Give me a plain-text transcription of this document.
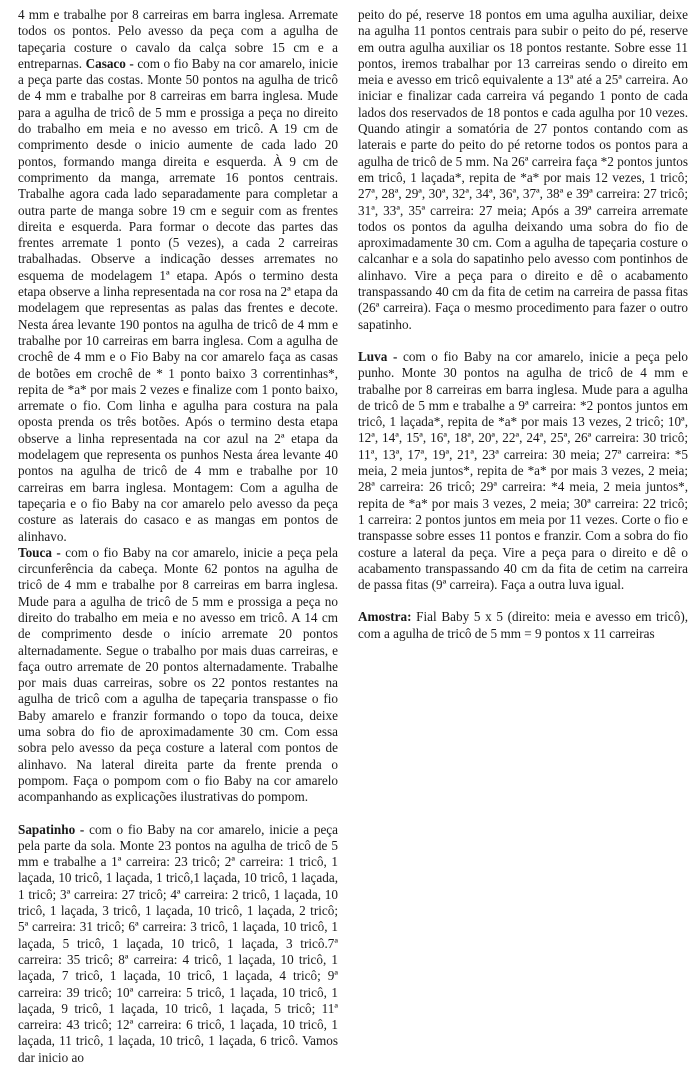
4 mm e trabalhe por 8 carreiras em barra inglesa. Arremate todos os pontos. Pelo avesso da peça com a agulha de tapeçaria costure o cavalo da calça sobre 15 cm e a entreparnas. Casaco - com o fio Baby na cor amarelo, inicie a peça parte das costas. Monte 50 pontos na agulha de tricô de 4 mm e trabalhe por 8 carreiras em barra inglesa. Mude para a agulha de tricô de 5 mm e prossiga a peça no direito do trabalho em meia e no avesso em tricô. A 19 cm de comprimento desde o inicio aumente de cada lado 20 pontos, formando manga direita e esquerda. À 9 cm de comprimento da manga, arremate 16 pontos centrais. Trabalhe agora cada lado separadamente para completar a outra parte de manga sobre 19 cm e seguir com as frentes direita e esquerda. Para formar o decote das partes das frentes arremate 1 ponto (5 vezes), a cada 2 carreiras trabalhadas. Observe a indicação desses arremates no esquema de modelagem 1ª etapa. Após o termino desta etapa observe a linha representada na cor rosa na 2ª etapa da modelagem que representas as palas das frentes e decote. Nesta área levante 190 pontos na agulha de tricô de 4 mm e trabalhe por 10 carreiras em barra inglesa. Com a agulha de crochê de 4 mm e o Fio Baby na cor amarelo faça as casas de botões em crochê de * 1 ponto baixo 3 correntinhas*, repita de *a* por mais 2 vezes e finalize com 1 ponto baixo, arremate o fio. Com linha e agulha para costura na pala oposta prenda os três botões. Após o termino desta etapa observe a linha representada na cor azul na 2ª etapa da modelagem que representa os punhos Nesta área levante 40 pontos na agulha de tricô de 4 mm e trabalhe por 10 carreiras em barra inglesa. Montagem: Com a agulha de tapeçaria e o fio Baby na cor amarelo pelo avesso da peça costure as laterais do casaco e as mangas em pontos de alinhavo.

Touca - com o fio Baby na cor amarelo, inicie a peça pela circunferência da cabeça. Monte 62 pontos na agulha de tricô de 4 mm e trabalhe por 8 carreiras em barra inglesa. Mude para a agulha de tricô de 5 mm e prossiga a peça no direito do trabalho em meia e no avesso em tricô. A 14 cm de comprimento desde o início arremate 20 pontos alternadamente. Segue o trabalho por mais duas carreiras, e faça outro arremate de 20 pontos alternadamente. Trabalhe por mais duas carreiras, sobre os 22 pontos restantes na agulha de tricô com a agulha de tapeçaria transpasse o fio Baby amarelo e franzir formando o topo da touca, deixe uma sobra do fio de aproximadamente 30 cm. Com essa sobra pelo avesso da peça costure a lateral com pontos de alinhavo. Na lateral direita parte da frente prenda o pompom. Faça o pompom com o fio Baby na cor amarelo acompanhando as explicações ilustrativas do pompom.

Sapatinho - com o fio Baby na cor amarelo, inicie a peça pela parte da sola. Monte 23 pontos na agulha de tricô de 5 mm e trabalhe a 1ª carreira: 23 tricô; 2ª carreira: 1 tricô, 1 laçada, 10 tricô, 1 laçada, 1 tricô,1 laçada, 10 tricô, 1 laçada, 1 tricô; 3ª carreira: 27 tricô; 4ª carreira: 2 tricô, 1 laçada, 10 tricô, 1 laçada, 3 tricô, 1 laçada, 10 tricô, 1 laçada, 2 tricô; 5ª carreira: 31 tricô; 6ª carreira: 3 tricô, 1 laçada, 10 tricô, 1 laçada, 5 tricô, 1 laçada, 10 tricô, 1 laçada, 3 tricô.7ª carreira: 35 tricô; 8ª carreira: 4 tricô, 1 laçada, 10 tricô, 1 laçada, 7 tricô, 1 laçada, 10 tricô, 1 laçada, 4 tricô; 9ª carreira: 39 tricô; 10ª carreira: 5 tricô, 1 laçada, 10 tricô, 1 laçada, 9 tricô, 1 laçada, 10 tricô, 1 laçada, 5 tricô; 11ª carreira: 43 tricô; 12ª carreira: 6 tricô, 1 laçada, 10 tricô, 1 laçada, 11 tricô, 1 laçada, 10 tricô, 1 laçada, 6 tricô. Vamos dar inicio ao

peito do pé, reserve 18 pontos em uma agulha auxiliar, deixe na agulha 11 pontos centrais para subir o peito do pé, reserve em outra agulha auxiliar os 18 pontos restante. Sobre esse 11 pontos, iremos trabalhar por 13 carreiras sendo o direito em meia e avesso em tricô equivalente a 13ª até a 25ª carreira. Ao iniciar e finalizar cada carreira vá pegando 1 ponto de cada lados dos reservados de 18 pontos e cada agulha por 10 vezes. Quando atingir a somatória de 27 pontos contando com as laterais e parte do peito do pé retorne todos os pontos para a agulha de tricô de 5 mm. Na 26ª carreira faça *2 pontos juntos em tricô, 1 laçada*, repita de *a* por mais 12 vezes, 1 tricô; 27ª, 28ª, 29ª, 30ª, 32ª, 34ª, 36ª, 37ª, 38ª e 39ª carreira: 27 tricô; 31ª, 33ª, 35ª carreira: 27 meia; Após a 39ª carreira arremate todos os pontos da agulha deixando uma sobra do fio de aproximadamente 30 cm. Com a agulha de tapeçaria costure o calcanhar e a sola do sapatinho pelo avesso com pontinhos de alinhavo. Vire a peça para o direito e dê o acabamento transpassando 40 cm da fita de cetim na carreira de passa fitas (26ª carreira). Faça o mesmo procedimento para fazer o outro sapatinho.

Luva - com o fio Baby na cor amarelo, inicie a peça pelo punho. Monte 30 pontos na agulha de tricô de 4 mm e trabalhe por 8 carreiras em barra inglesa. Mude para a agulha de tricô de 5 mm e trabalhe a 9ª carreira: *2 pontos juntos em tricô, 1 laçada*, repita de *a* por mais 13 vezes, 2 tricô; 10ª, 12ª, 14ª, 15ª, 16ª, 18ª, 20ª, 22ª, 24ª, 25ª, 26ª carreira: 30 tricô; 11ª, 13ª, 17ª, 19ª, 21ª, 23ª carreira: 30 meia; 27ª carreira: *5 meia, 2 meia juntos*, repita de *a* por mais 3 vezes, 2 meia; 28ª carreira: 26 tricô; 29ª carreira: *4 meia, 2 meia juntos*, repita de *a* por mais 3 vezes, 2 meia; 30ª carreira: 22 tricô; 1 carreira: 2 pontos juntos em meia por 11 vezes. Corte o fio e transpasse sobre esses 11 pontos e franzir. Com a sobra do fio costure a lateral da peça. Vire a peça para o direito e dê o acabamento transpassando 40 cm da fita de cetim na carreira de passa fitas (9ª carreira). Faça a outra luva igual.

Amostra: Fial Baby 5 x 5 (direito: meia e avesso em tricô), com a agulha de tricô de 5 mm = 9 pontos x 11 carreiras
